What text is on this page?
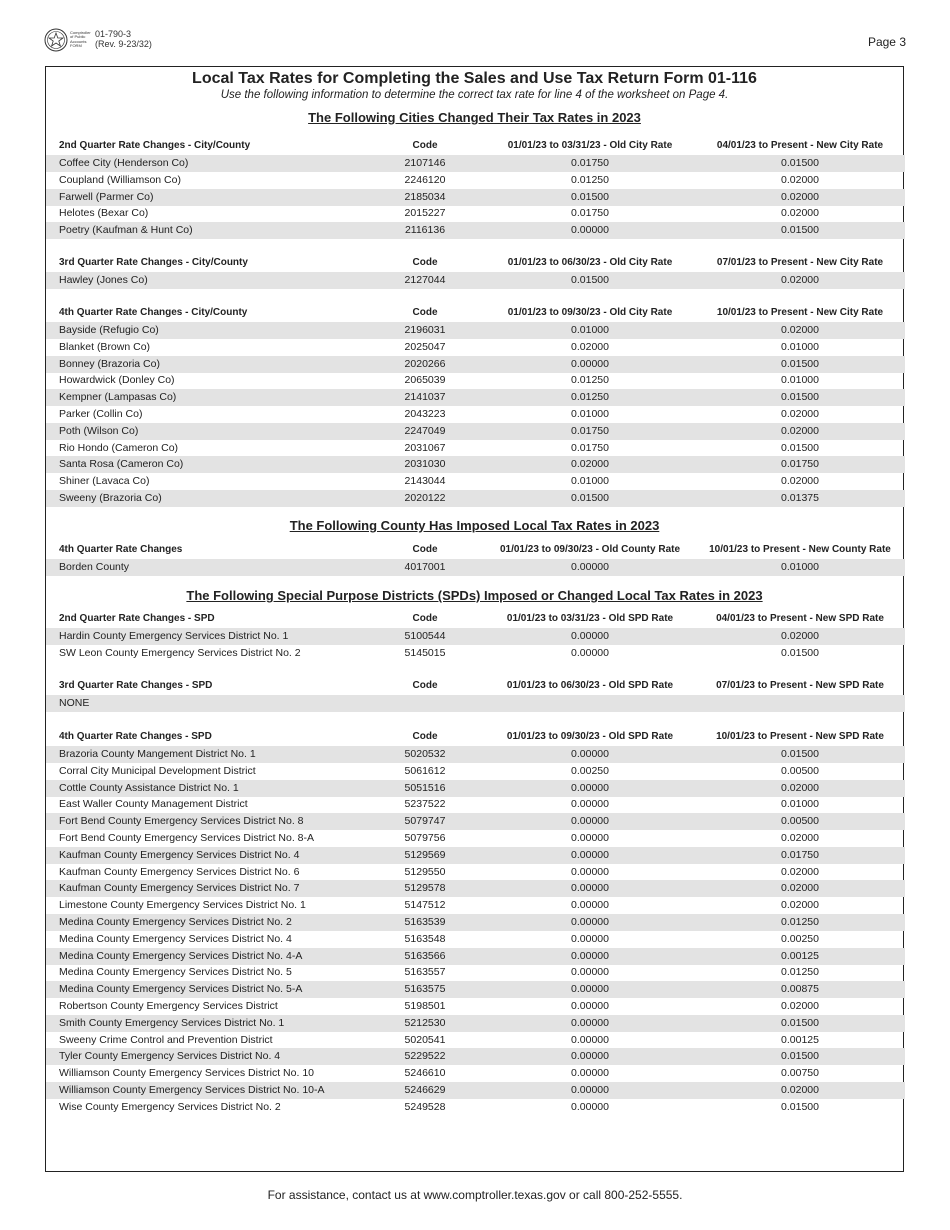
Comptroller
of Public
Accounts
FORM
01-790-3
(Rev. 9-23/32)	Page 3
Local Tax Rates for Completing the Sales and Use Tax Return Form 01-116
Use the following information to determine the correct tax rate for line 4 of the worksheet on Page 4.
The Following Cities Changed Their Tax Rates in 2023
The Following County Has Imposed Local Tax Rates in 2023
The Following Special Purpose Districts (SPDs) Imposed or Changed Local Tax Rates in 2023
2nd Quarter Rate Changes - City/County	Code	01/01/23 to 03/31/23 - Old City Rate	04/01/23 to Present - New City Rate
Coffee City (Henderson Co)	2107146	0.01750	0.01500
Coupland (Williamson Co)	2246120	0.01250	0.02000
Farwell (Parmer Co)	2185034	0.01500	0.02000
Helotes (Bexar Co)	2015227	0.01750	0.02000
Poetry (Kaufman & Hunt Co)	2116136	0.00000	0.01500
3rd Quarter Rate Changes - City/County	Code	01/01/23 to 06/30/23 - Old City Rate	07/01/23 to Present - New City Rate
Hawley (Jones Co)	2127044	0.01500	0.02000
4th Quarter Rate Changes - City/County	Code	01/01/23 to 09/30/23 - Old City Rate	10/01/23 to Present - New City Rate
Bayside (Refugio Co)	2196031	0.01000	0.02000
Blanket (Brown Co)	2025047	0.02000	0.01000
Bonney (Brazoria Co)	2020266	0.00000	0.01500
Howardwick (Donley Co)	2065039	0.01250	0.01000
Kempner (Lampasas Co)	2141037	0.01250	0.01500
Parker (Collin Co)	2043223	0.01000	0.02000
Poth (Wilson Co)	2247049	0.01750	0.02000
Rio Hondo (Cameron Co)	2031067	0.01750	0.01500
Santa Rosa (Cameron Co)	2031030	0.02000	0.01750
Shiner (Lavaca Co)	2143044	0.01000	0.02000
Sweeny (Brazoria Co)	2020122	0.01500	0.01375
4th Quarter Rate Changes	Code	01/01/23 to 09/30/23 - Old County Rate	10/01/23 to Present - New County Rate
Borden County	4017001	0.00000	0.01000
2nd Quarter Rate Changes - SPD	Code	01/01/23 to 03/31/23 - Old SPD Rate	04/01/23 to Present - New SPD Rate
Hardin County Emergency Services District No. 1	5100544	0.00000	0.02000
SW Leon County Emergency Services District No. 2	5145015	0.00000	0.01500
3rd Quarter Rate Changes - SPD	Code	01/01/23 to 06/30/23 - Old SPD Rate	07/01/23 to Present - New SPD Rate
NONE
4th Quarter Rate Changes - SPD	Code	01/01/23 to 09/30/23 - Old SPD Rate	10/01/23 to Present - New SPD Rate
Brazoria County Mangement District No. 1	5020532	0.00000	0.01500
Corral City Municipal Development District	5061612	0.00250	0.00500
Cottle County Assistance District No. 1	5051516	0.00000	0.02000
East Waller County Management District	5237522	0.00000	0.01000
Fort Bend County Emergency Services District No. 8	5079747	0.00000	0.00500
Fort Bend County Emergency Services District No. 8-A	5079756	0.00000	0.02000
Kaufman County Emergency Services District No. 4	5129569	0.00000	0.01750
Kaufman County Emergency Services District No. 6	5129550	0.00000	0.02000
Kaufman County Emergency Services District No. 7	5129578	0.00000	0.02000
Limestone County Emergency Services District No. 1	5147512	0.00000	0.02000
Medina County Emergency Services District No. 2	5163539	0.00000	0.01250
Medina County Emergency Services District No. 4	5163548	0.00000	0.00250
Medina County Emergency Services District No. 4-A	5163566	0.00000	0.00125
Medina County Emergency Services District No. 5	5163557	0.00000	0.01250
Medina County Emergency Services District No. 5-A	5163575	0.00000	0.00875
Robertson County Emergency Services District	5198501	0.00000	0.02000
Smith County Emergency Services District No. 1	5212530	0.00000	0.01500
Sweeny Crime Control and Prevention District	5020541	0.00000	0.00125
Tyler County Emergency Services District No. 4	5229522	0.00000	0.01500
Williamson County Emergency Services District No. 10	5246610	0.00000	0.00750
Williamson County Emergency Services District No. 10-A	5246629	0.00000	0.02000
Wise County Emergency Services District No. 2	5249528	0.00000	0.01500
For assistance, contact us at www.comptroller.texas.gov or call 800-252-5555.
